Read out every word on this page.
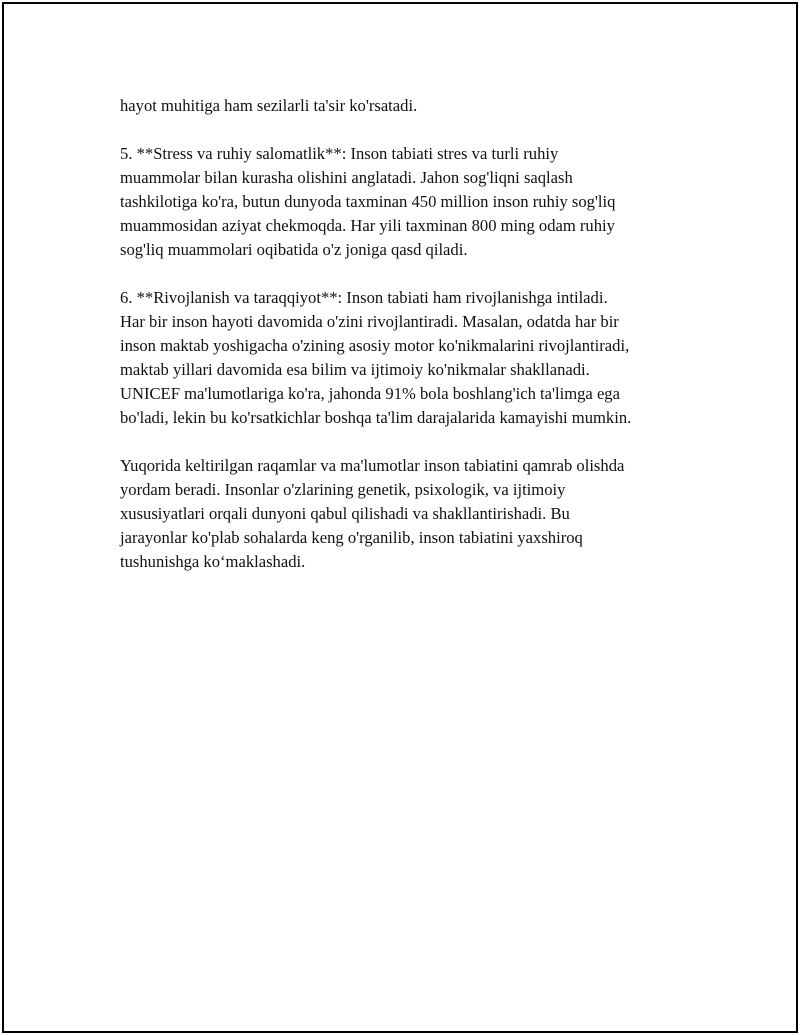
hayot muhitiga ham sezilarli ta'sir ko'rsatadi.

5. **Stress va ruhiy salomatlik**: Inson tabiati stres va turli ruhiy
muammolar bilan kurasha olishini anglatadi. Jahon sog'liqni saqlash
tashkilotiga ko'ra, butun dunyoda taxminan 450 million inson ruhiy sog'liq
muammosidan aziyat chekmoqda. Har yili taxminan 800 ming odam ruhiy
sog'liq muammolari oqibatida o'z joniga qasd qiladi.

6. **Rivojlanish va taraqqiyot**: Inson tabiati ham rivojlanishga intiladi.
Har bir inson hayoti davomida o'zini rivojlantiradi. Masalan, odatda har bir
inson maktab yoshigacha o'zining asosiy motor ko'nikmalarini rivojlantiradi,
maktab yillari davomida esa bilim va ijtimoiy ko'nikmalar shakllanadi.
UNICEF ma'lumotlariga ko'ra, jahonda 91% bola boshlang'ich ta'limga ega
bo'ladi, lekin bu ko'rsatkichlar boshqa ta'lim darajalarida kamayishi mumkin.

Yuqorida keltirilgan raqamlar va ma'lumotlar inson tabiatini qamrab olishda
yordam beradi. Insonlar o'zlarining genetik, psixologik, va ijtimoiy
xususiyatlari orqali dunyoni qabul qilishadi va shakllantirishadi. Bu
jarayonlar ko'plab sohalarda keng o'rganilib, inson tabiatini yaxshiroq
tushunishga ko‘maklashadi.
